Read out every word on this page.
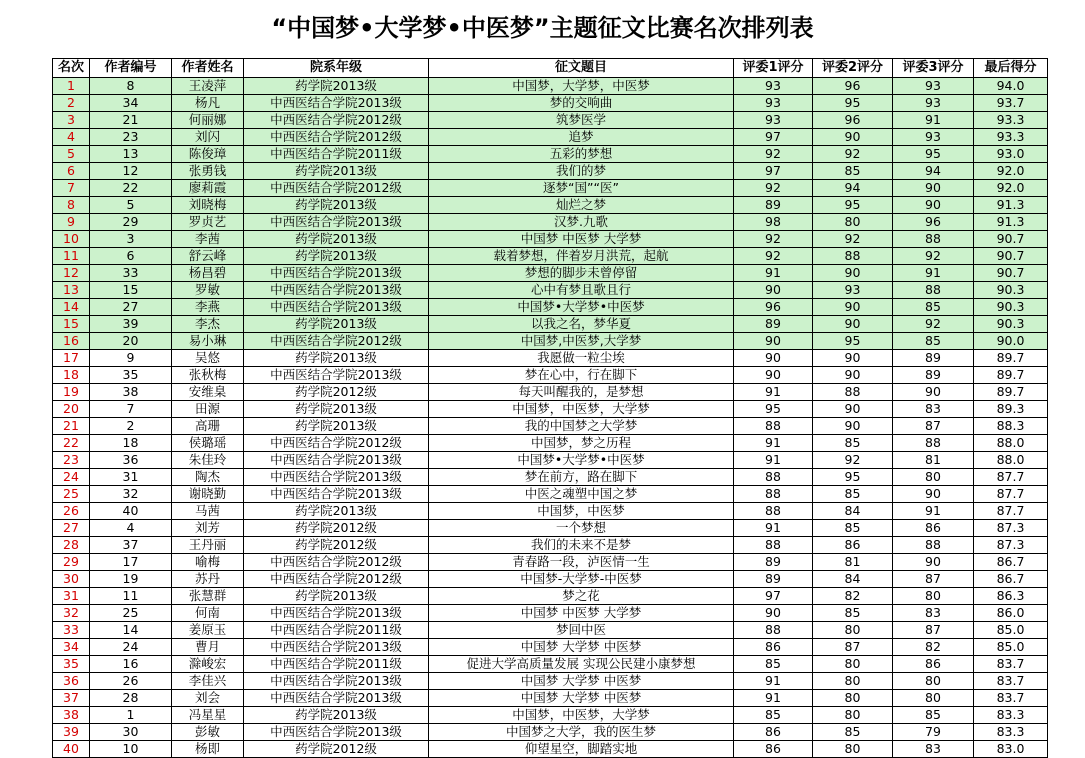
“中国梦•大学梦•中医梦”主题征文比赛名次排列表
名次	作者编号	作者姓名	院系年级	征文题目	评委1评分	评委2评分	评委3评分	最后得分
1	8	王凌萍	药学院2013级	中国梦，大学梦，中医梦	93	96	93	94.0
2	34	杨凡	中西医结合学院2013级	梦的交响曲	93	95	93	93.7
3	21	何丽娜	中西医结合学院2012级	筑梦医学	93	96	91	93.3
4	23	刘闪	中西医结合学院2012级	追梦	97	90	93	93.3
5	13	陈俊璋	中西医结合学院2011级	五彩的梦想	92	92	95	93.0
6	12	张勇钱	药学院2013级	我们的梦	97	85	94	92.0
7	22	廖莉霞	中西医结合学院2012级	逐梦“国”“医”	92	94	90	92.0
8	5	刘晓梅	药学院2013级	灿烂之梦	89	95	90	91.3
9	29	罗贞艺	中西医结合学院2013级	汉梦.九歌	98	80	96	91.3
10	3	李茜	药学院2013级	中国梦 中医梦 大学梦	92	92	88	90.7
11	6	舒云峰	药学院2013级	载着梦想，伴着岁月洪荒，起航	92	88	92	90.7
12	33	杨昌碧	中西医结合学院2013级	梦想的脚步未曾停留	91	90	91	90.7
13	15	罗敏	中西医结合学院2013级	心中有梦且歌且行	90	93	88	90.3
14	27	李燕	中西医结合学院2013级	中国梦•大学梦•中医梦	96	90	85	90.3
15	39	李杰	药学院2013级	以我之名，梦华夏	89	90	92	90.3
16	20	易小琳	中西医结合学院2012级	中国梦,中医梦,大学梦	90	95	85	90.0
17	9	吴悠	药学院2013级	我愿做一粒尘埃	90	90	89	89.7
18	35	张秋梅	中西医结合学院2013级	梦在心中，行在脚下	90	90	89	89.7
19	38	安维臬	药学院2012级	每天叫醒我的，是梦想	91	88	90	89.7
20	7	田源	药学院2013级	中国梦，中医梦，大学梦	95	90	83	89.3
21	2	高珊	药学院2013级	我的中国梦之大学梦	88	90	87	88.3
22	18	侯璐瑶	中西医结合学院2012级	中国梦，梦之历程	91	85	88	88.0
23	36	朱佳玲	中西医结合学院2013级	中国梦•大学梦•中医梦	91	92	81	88.0
24	31	陶杰	中西医结合学院2013级	梦在前方，路在脚下	88	95	80	87.7
25	32	谢晓勤	中西医结合学院2013级	中医之魂塑中国之梦	88	85	90	87.7
26	40	马茜	药学院2013级	中国梦，中医梦	88	84	91	87.7
27	4	刘芳	药学院2012级	一个梦想	91	85	86	87.3
28	37	王丹丽	药学院2012级	我们的未来不是梦	88	86	88	87.3
29	17	喻梅	中西医结合学院2012级	青春路一段，泸医情一生	89	81	90	86.7
30	19	苏丹	中西医结合学院2012级	中国梦-大学梦-中医梦	89	84	87	86.7
31	11	张慧群	药学院2013级	梦之花	97	82	80	86.3
32	25	何南	中西医结合学院2013级	中国梦 中医梦 大学梦	90	85	83	86.0
33	14	姜原玉	中西医结合学院2011级	梦回中医	88	80	87	85.0
34	24	曹月	中西医结合学院2013级	中国梦 大学梦 中医梦	86	87	82	85.0
35	16	滁峻宏	中西医结合学院2011级	促进大学高质量发展 实现公民建小康梦想	85	80	86	83.7
36	26	李佳兴	中西医结合学院2013级	中国梦 大学梦 中医梦	91	80	80	83.7
37	28	刘会	中西医结合学院2013级	中国梦 大学梦 中医梦	91	80	80	83.7
38	1	冯星星	药学院2013级	中国梦，中医梦，大学梦	85	80	85	83.3
39	30	彭敏	中西医结合学院2013级	中国梦之大学，我的医生梦	86	85	79	83.3
40	10	杨即	药学院2012级	仰望星空，脚踏实地	86	80	83	83.0
